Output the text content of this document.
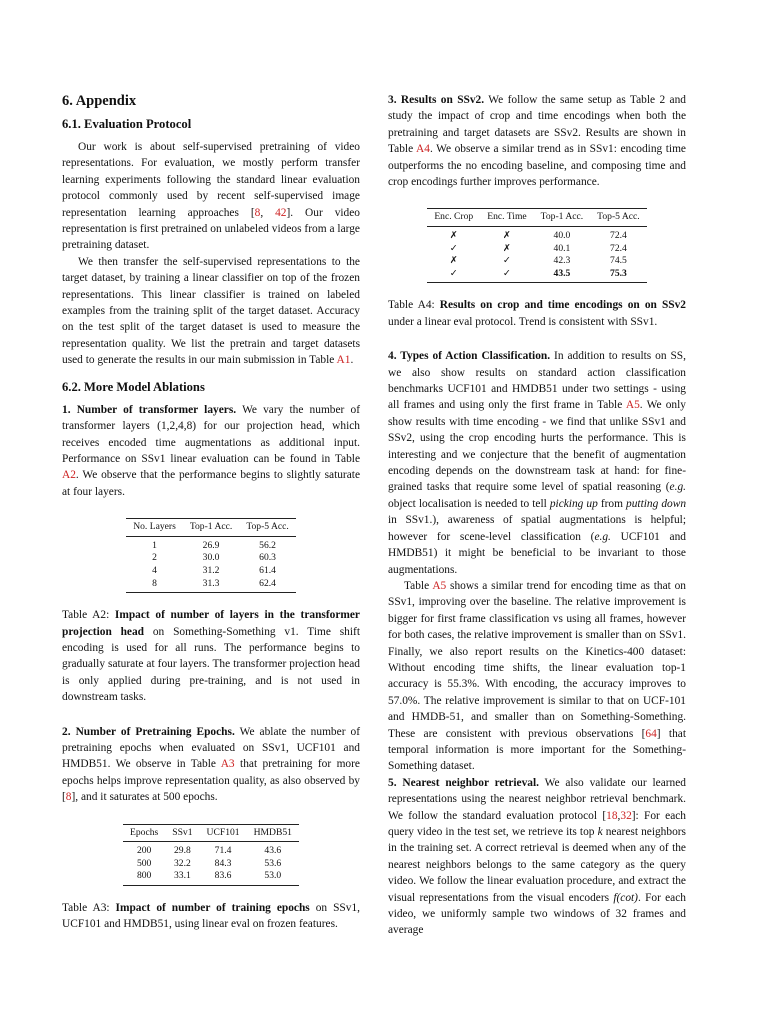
6. Appendix
6.1. Evaluation Protocol

Our work is about self-supervised pretraining of video representations. For evaluation, we mostly perform transfer learning experiments following the standard linear evaluation protocol commonly used by recent self-supervised image representation learning approaches [8, 42]. Our video representation is first pretrained on unlabeled videos from a large pretraining dataset.

We then transfer the self-supervised representations to the target dataset, by training a linear classifier on top of the frozen representations. This linear classifier is trained on labeled examples from the training split of the target dataset. Accuracy on the test split of the target dataset is used to measure the representation quality. We list the pretrain and target datasets used to generate the results in our main submission in Table A1.

6.2. More Model Ablations

1. Number of transformer layers. We vary the number of transformer layers (1,2,4,8) for our projection head, which receives encoded time augmentations as additional input. Performance on SSv1 linear evaluation can be found in Table A2. We observe that the performance begins to slightly saturate at four layers.

No. Layers	Top-1 Acc.	Top-5 Acc.
1	26.9	56.2
2	30.0	60.3
4	31.2	61.4
8	31.3	62.4

Table A2: Impact of number of layers in the transformer projection head on Something-Something v1. Time shift encoding is used for all runs. The performance begins to gradually saturate at four layers. The transformer projection head is only applied during pre-training, and is not used in downstream tasks.

2. Number of Pretraining Epochs. We ablate the number of pretraining epochs when evaluated on SSv1, UCF101 and HMDB51. We observe in Table A3 that pretraining for more epochs helps improve representation quality, as also observed by [8], and it saturates at 500 epochs.

Epochs	SSv1	UCF101	HMDB51
200	29.8	71.4	43.6
500	32.2	84.3	53.6
800	33.1	83.6	53.0

Table A3: Impact of number of training epochs on SSv1, UCF101 and HMDB51, using linear eval on frozen features.

3. Results on SSv2. We follow the same setup as Table 2 and study the impact of crop and time encodings when both the pretraining and target datasets are SSv2. Results are shown in Table A4. We observe a similar trend as in SSv1: encoding time outperforms the no encoding baseline, and composing time and crop encodings further improves performance.

Enc. Crop	Enc. Time	Top-1 Acc.	Top-5 Acc.
✗	✗	40.0	72.4
✓	✗	40.1	72.4
✗	✓	42.3	74.5
✓	✓	43.5	75.3

Table A4: Results on crop and time encodings on on SSv2 under a linear eval protocol. Trend is consistent with SSv1.

4. Types of Action Classification. In addition to results on SS, we also show results on standard action classification benchmarks UCF101 and HMDB51 under two settings - using all frames and using only the first frame in Table A5. We only show results with time encoding - we find that unlike SSv1 and SSv2, using the crop encoding hurts the performance. This is interesting and we conjecture that the benefit of augmentation encoding depends on the downstream task at hand: for fine-grained tasks that require some level of spatial reasoning (e.g. object localisation is needed to tell picking up from putting down in SSv1.), awareness of spatial augmentations is helpful; however for scene-level classification (e.g. UCF101 and HMDB51) it might be beneficial to be invariant to those augmentations.

Table A5 shows a similar trend for encoding time as that on SSv1, improving over the baseline. The relative improvement is bigger for first frame classification vs using all frames, however for both cases, the relative improvement is smaller than on SSv1. Finally, we also report results on the Kinetics-400 dataset: Without encoding time shifts, the linear evaluation top-1 accuracy is 55.3%. With encoding, the accuracy improves to 57.0%. The relative improvement is similar to that on UCF-101 and HMDB-51, and smaller than on Something-Something. These are consistent with previous observations [64] that temporal information is more important for the Something-Something dataset.

5. Nearest neighbor retrieval. We also validate our learned representations using the nearest neighbor retrieval benchmark. We follow the standard evaluation protocol [18,32]: For each query video in the test set, we retrieve its top k nearest neighbors in the training set. A correct retrieval is deemed when any of the nearest neighbors belongs to the same category as the query video. We follow the linear evaluation procedure, and extract the visual representations from the visual encoders f(cot). For each video, we uniformly sample two windows of 32 frames and average
